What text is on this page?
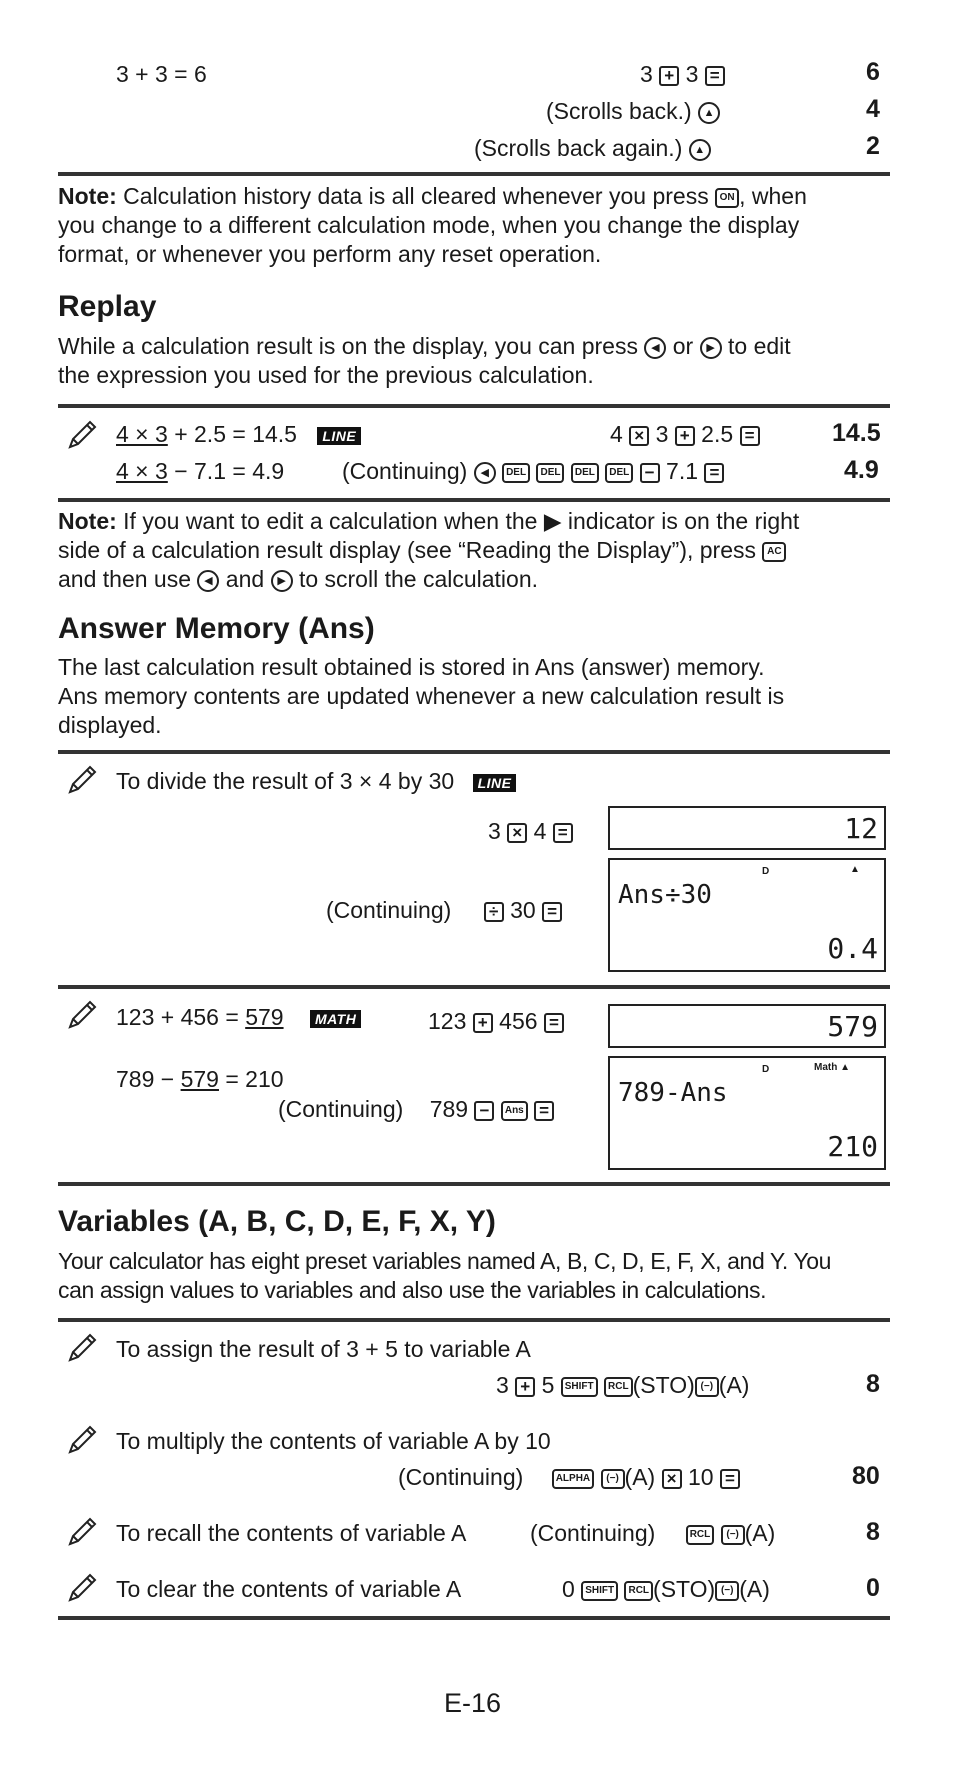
3 + 3 = 6	3 + 3 =	6
(Scrolls back.) ▲	4
(Scrolls back again.) ▲	2
Note: Calculation history data is all cleared whenever you press ON , when
you change to a different calculation mode, when you change the display
format, or whenever you perform any reset operation.
Replay
While a calculation result is on the display, you can press ◀ or ▶ to edit
the expression you used for the previous calculation.
4 × 3 + 2.5 = 14.5 LINE	4 × 3 + 2.5 =	14.5
4 × 3 − 7.1 = 4.9	(Continuing) ◀ DEL DEL DEL DEL − 7.1 =	4.9
Note: If you want to edit a calculation when the ▶ indicator is on the right
side of a calculation result display (see “Reading the Display”), press AC
and then use ◀ and ▶ to scroll the calculation.
Answer Memory (Ans)
The last calculation result obtained is stored in Ans (answer) memory.
Ans memory contents are updated whenever a new calculation result is
displayed.
To divide the result of 3 × 4 by 30 LINE
3 × 4 =	12
(Continuing) ÷ 30 =
D	▲
Ans÷30
0.4
123 + 456 = 579 MATH	123 + 456 =	579
789 − 579 = 210
(Continuing) 789 − Ans =
D	Math ▲
789-Ans
210
Variables (A, B, C, D, E, F, X, Y)
Your calculator has eight preset variables named A, B, C, D, E, F, X, and Y. You
can assign values to variables and also use the variables in calculations.
To assign the result of 3 + 5 to variable A
3 + 5 SHIFT RCL (STO) (−) (A)	8
To multiply the contents of variable A by 10
(Continuing)	ALPHA (−) (A) × 10 =	80
To recall the contents of variable A	(Continuing)	RCL (−) (A)	8
To clear the contents of variable A	0 SHIFT RCL (STO) (−) (A)	0
E-16
